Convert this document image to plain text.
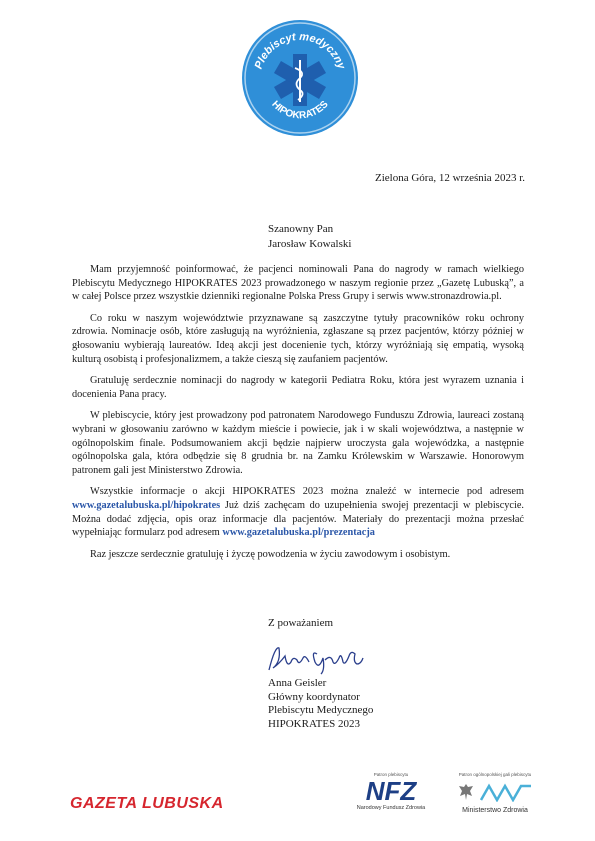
Plebiscyt medyczny
HIPOKRATES
Zielona Góra, 12 września 2023 r.
Szanowny Pan
Jarosław Kowalski

Mam przyjemność poinformować, że pacjenci nominowali Pana do nagrody w ramach wielkiego Plebiscytu Medycznego HIPOKRATES 2023 prowadzonego w naszym regionie przez „Gazetę Lubuską”, a w całej Polsce przez wszystkie dzienniki regionalne Polska Press Grupy i serwis www.stronazdrowia.pl.

Co roku w naszym województwie przyznawane są zaszczytne tytuły pracowników roku ochrony zdrowia. Nominacje osób, które zasługują na wyróżnienia, zgłaszane są przez pacjentów, którzy później w głosowaniu wybierają laureatów. Ideą akcji jest docenienie tych, którzy wyróżniają się empatią, wysoką kulturą osobistą i profesjonalizmem, a także cieszą się zaufaniem pacjentów.

Gratuluję serdecznie nominacji do nagrody w kategorii Pediatra Roku, która jest wyrazem uznania i docenienia Pana pracy.

W plebiscycie, który jest prowadzony pod patronatem Narodowego Funduszu Zdrowia, laureaci zostaną wybrani w głosowaniu zarówno w każdym mieście i powiecie, jak i w skali województwa, a następnie w ogólnopolskim finale. Podsumowaniem akcji będzie najpierw uroczysta gala wojewódzka, a następnie ogólnopolska gala, która odbędzie się 8 grudnia br. na Zamku Królewskim w Warszawie. Honorowym patronem gali jest Ministerstwo Zdrowia.

Wszystkie informacje o akcji HIPOKRATES 2023 można znaleźć w internecie pod adresem www.gazetalubuska.pl/hipokrates Już dziś zachęcam do uzupełnienia swojej prezentacji w plebiscycie. Można dodać zdjęcia, opis oraz informacje dla pacjentów. Materiały do prezentacji można przesłać wypełniając formularz pod adresem www.gazetalubuska.pl/prezentacja

Raz jeszcze serdecznie gratuluję i życzę powodzenia w życiu zawodowym i osobistym.

Z poważaniem
Anna Geisler
Główny koordynator
Plebiscytu Medycznego
HIPOKRATES 2023
GAZETA LUBUSKA
Patron plebiscytu
NFZ
Narodowy Fundusz Zdrowia
Patron ogólnopolskiej gali plebiscytu
Ministerstwo Zdrowia
